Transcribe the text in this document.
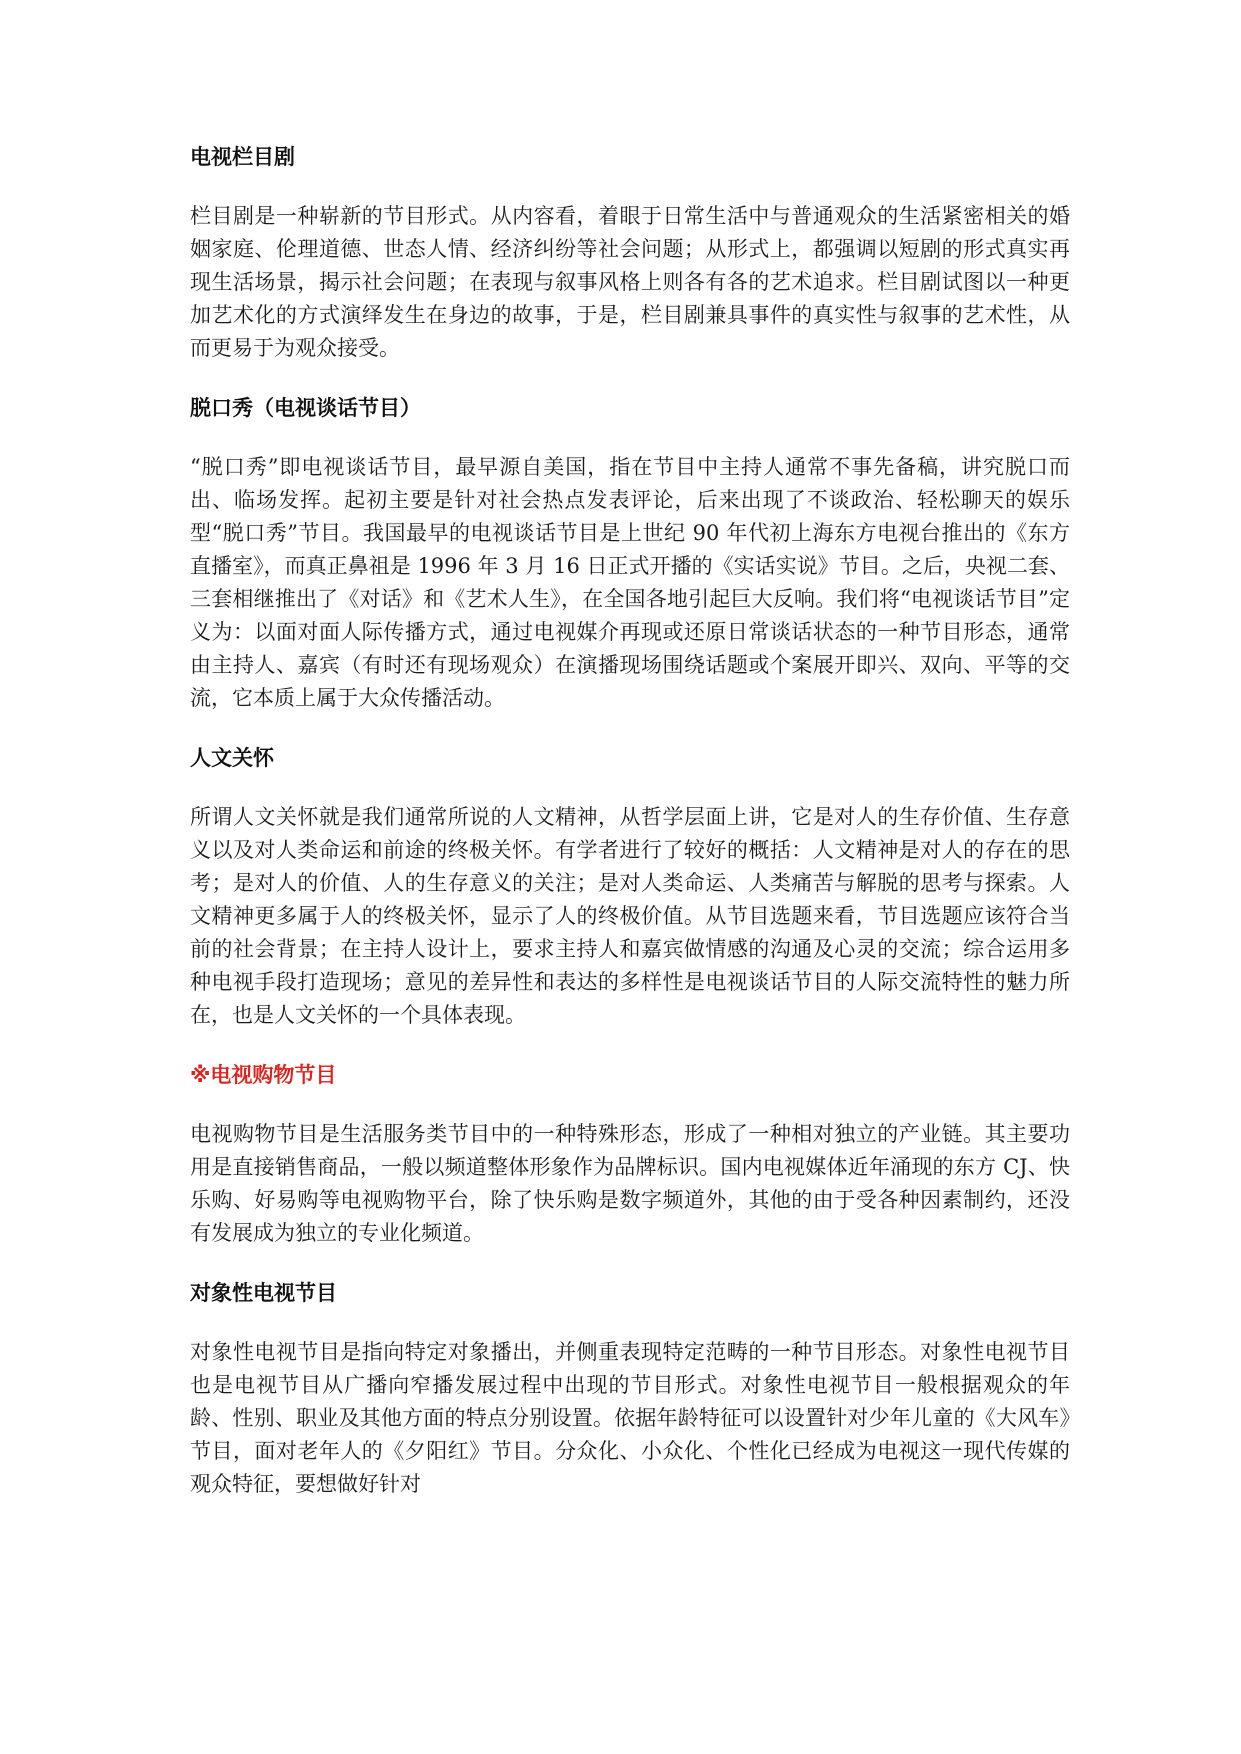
电视栏目剧

栏目剧是一种崭新的节目形式。从内容看，着眼于日常生活中与普通观众的生活紧密相关的婚姻家庭、伦理道德、世态人情、经济纠纷等社会问题；从形式上，都强调以短剧的形式真实再现生活场景，揭示社会问题；在表现与叙事风格上则各有各的艺术追求。栏目剧试图以一种更加艺术化的方式演绎发生在身边的故事，于是，栏目剧兼具事件的真实性与叙事的艺术性，从而更易于为观众接受。

脱口秀（电视谈话节目）

“脱口秀”即电视谈话节目，最早源自美国，指在节目中主持人通常不事先备稿，讲究脱口而出、临场发挥。起初主要是针对社会热点发表评论，后来出现了不谈政治、轻松聊天的娱乐型“脱口秀”节目。我国最早的电视谈话节目是上世纪 90 年代初上海东方电视台推出的《东方直播室》，而真正鼻祖是 1996 年 3 月 16 日正式开播的《实话实说》节目。之后，央视二套、三套相继推出了《对话》和《艺术人生》，在全国各地引起巨大反响。我们将“电视谈话节目”定义为：以面对面人际传播方式，通过电视媒介再现或还原日常谈话状态的一种节目形态，通常由主持人、嘉宾（有时还有现场观众）在演播现场围绕话题或个案展开即兴、双向、平等的交流，它本质上属于大众传播活动。

人文关怀

所谓人文关怀就是我们通常所说的人文精神，从哲学层面上讲，它是对人的生存价值、生存意义以及对人类命运和前途的终极关怀。有学者进行了较好的概括：人文精神是对人的存在的思考；是对人的价值、人的生存意义的关注；是对人类命运、人类痛苦与解脱的思考与探索。人文精神更多属于人的终极关怀，显示了人的终极价值。从节目选题来看，节目选题应该符合当前的社会背景；在主持人设计上，要求主持人和嘉宾做情感的沟通及心灵的交流；综合运用多种电视手段打造现场；意见的差异性和表达的多样性是电视谈话节目的人际交流特性的魅力所在，也是人文关怀的一个具体表现。

※电视购物节目

电视购物节目是生活服务类节目中的一种特殊形态，形成了一种相对独立的产业链。其主要功用是直接销售商品，一般以频道整体形象作为品牌标识。国内电视媒体近年涌现的东方 CJ、快乐购、好易购等电视购物平台，除了快乐购是数字频道外，其他的由于受各种因素制约，还没有发展成为独立的专业化频道。

对象性电视节目

对象性电视节目是指向特定对象播出，并侧重表现特定范畴的一种节目形态。对象性电视节目也是电视节目从广播向窄播发展过程中出现的节目形式。对象性电视节目一般根据观众的年龄、性别、职业及其他方面的特点分别设置。依据年龄特征可以设置针对少年儿童的《大风车》节目，面对老年人的《夕阳红》节目。分众化、小众化、个性化已经成为电视这一现代传媒的观众特征，要想做好针对
